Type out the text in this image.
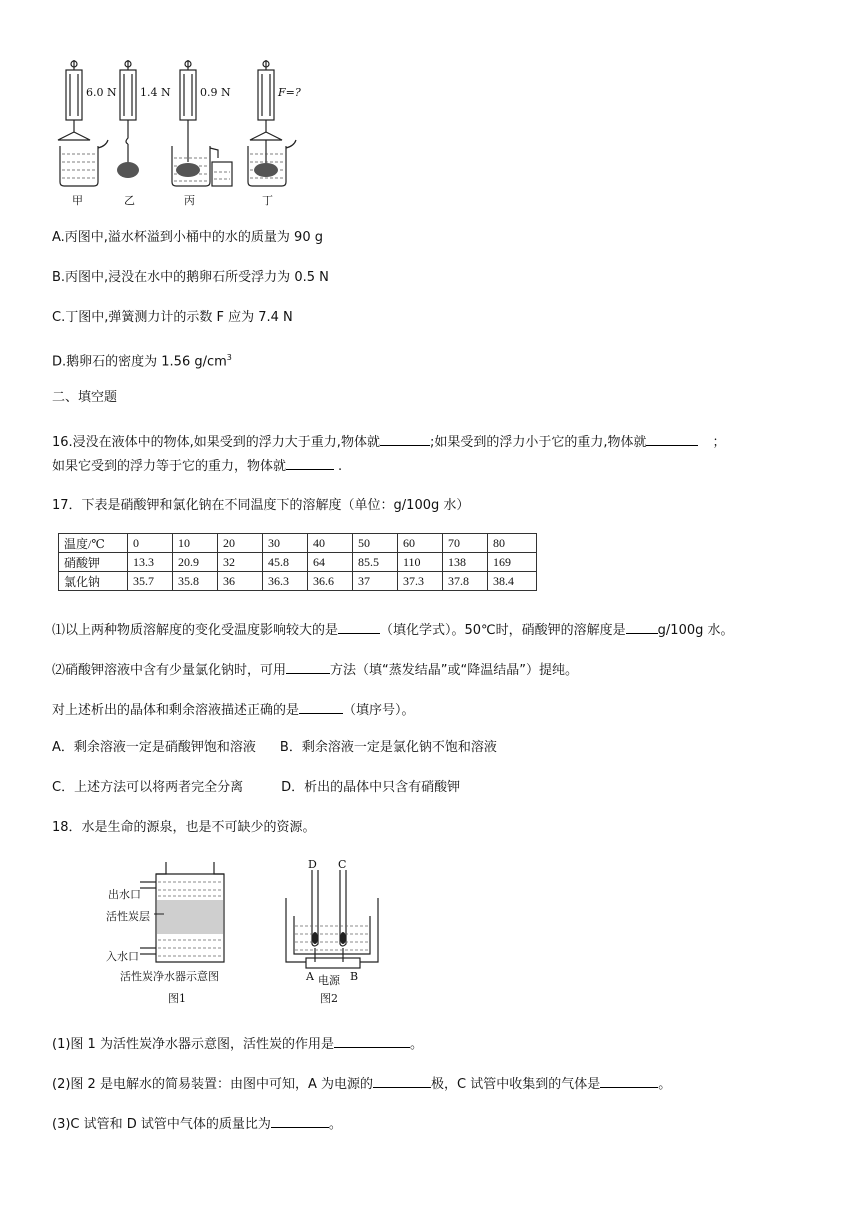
6.0 N 1.4 N	0.9 N	F=?
甲	乙	丙	丁
A.丙图中,溢水杯溢到小桶中的水的质量为 90 g
B.丙图中,浸没在水中的鹅卵石所受浮力为 0.5 N
C.丁图中,弹簧测力计的示数 F 应为 7.4 N
D.鹅卵石的密度为 1.56 $g/cm^3$
二、填空题
16.浸没在液体中的物体,如果受到的浮力大于重力,物体就	;如果受到的浮力小于它的重力,物体就	；
如果它受到的浮力等于它的重力，物体就	.
17．下表是硝酸钾和氯化钠在不同温度下的溶解度（单位：g/100g 水）
温度/℃	0	10	20	30	40	50	60	70	80
硝酸钾	13.3	20.9	32	45.8	64	85.5	110	138	169
氯化钠	35.7	35.8	36	36.3	36.6	37	37.3	37.8	38.4
⑴以上两种物质溶解度的变化受温度影响较大的是	（填化学式）。50℃时，硝酸钾的溶解度是 g/100g 水。
⑵硝酸钾溶液中含有少量氯化钠时，可用	方法（填“蒸发结晶”或“降温结晶”）提纯。
对上述析出的晶体和剩余溶液描述正确的是	（填序号）。
A．剩余溶液一定是硝酸钾饱和溶液 B．剩余溶液一定是氯化钠不饱和溶液
C．上述方法可以将两者完全分离	D．析出的晶体中只含有硝酸钾
18．水是生命的源泉，也是不可缺少的资源。
出水口
活性炭层
入水口
活性炭净水器示意图
图1
D C
A 电源 B
图2
(1)图 1 为活性炭净水器示意图，活性炭的作用是	。
(2)图 2 是电解水的简易装置：由图中可知，A 为电源的	极，C 试管中收集到的气体是	。
(3)C 试管和 D 试管中气体的质量比为	。
